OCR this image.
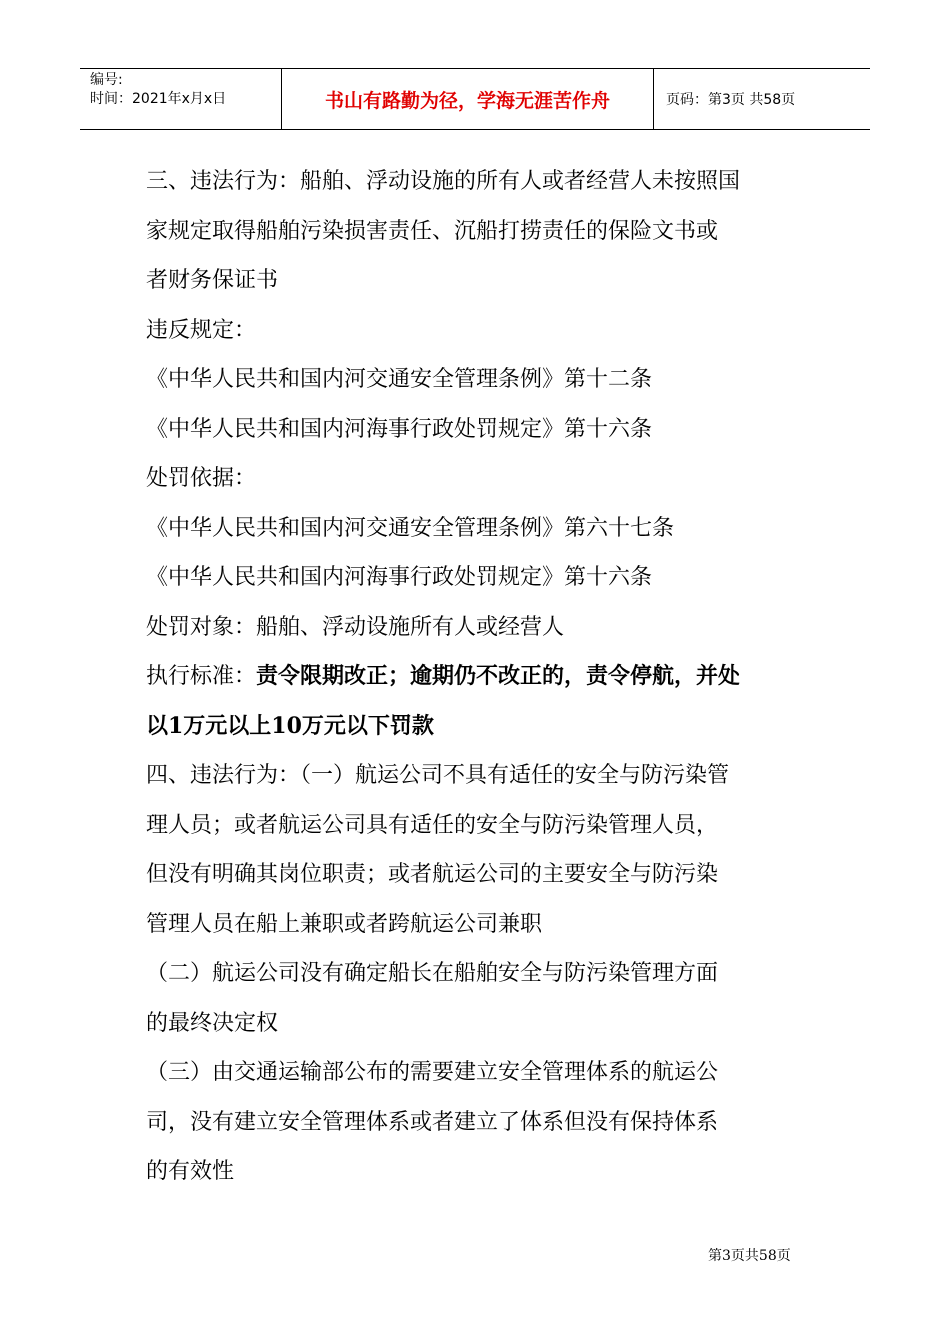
编号:
时间：2021年x月x日	书山有路勤为径，学海无涯苦作舟	页码：第3页 共58页

三、违法行为：船舶、浮动设施的所有人或者经营人未按照国

家规定取得船舶污染损害责任、沉船打捞责任的保险文书或

者财务保证书

违反规定：

《中华人民共和国内河交通安全管理条例》第十二条

《中华人民共和国内河海事行政处罚规定》第十六条

处罚依据：

《中华人民共和国内河交通安全管理条例》第六十七条

《中华人民共和国内河海事行政处罚规定》第十六条

处罚对象：船舶、浮动设施所有人或经营人

执行标准：责令限期改正；逾期仍不改正的，责令停航，并处

以1万元以上10万元以下罚款

四、违法行为：（一）航运公司不具有适任的安全与防污染管

理人员；或者航运公司具有适任的安全与防污染管理人员，

但没有明确其岗位职责；或者航运公司的主要安全与防污染

管理人员在船上兼职或者跨航运公司兼职

（二）航运公司没有确定船长在船舶安全与防污染管理方面

的最终决定权

（三）由交通运输部公布的需要建立安全管理体系的航运公

司，没有建立安全管理体系或者建立了体系但没有保持体系

的有效性

第3页共58页
